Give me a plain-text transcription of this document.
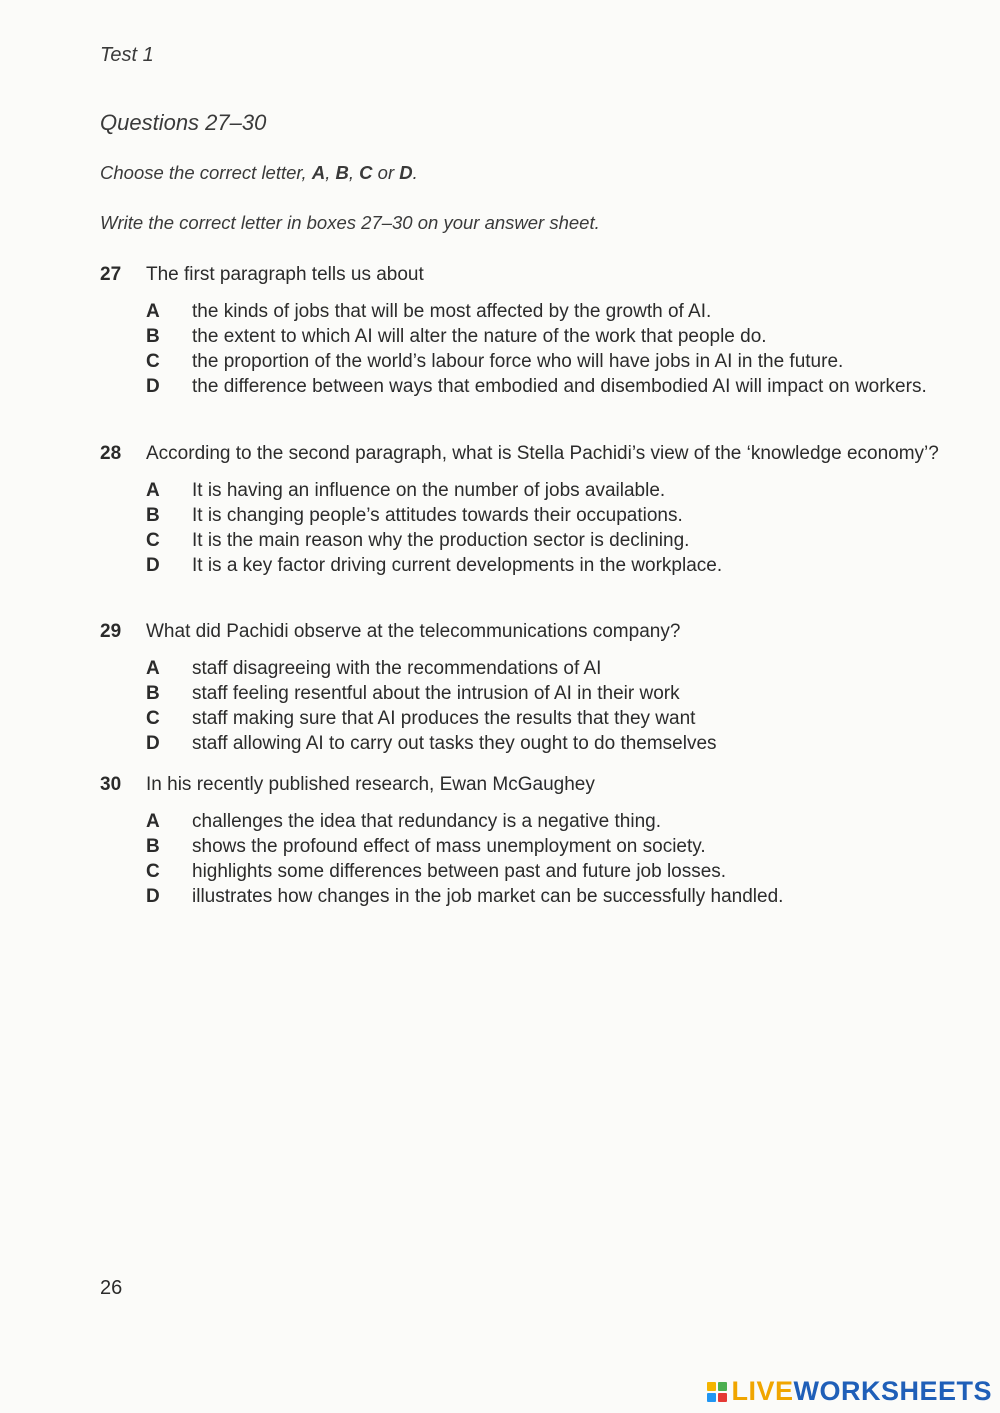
Test 1
Questions 27–30
Choose the correct letter, A, B, C or D.
Write the correct letter in boxes 27–30 on your answer sheet.
27	The first paragraph tells us about
A	the kinds of jobs that will be most affected by the growth of AI.
B	the extent to which AI will alter the nature of the work that people do.
C	the proportion of the world’s labour force who will have jobs in AI in the future.
D	the difference between ways that embodied and disembodied AI will impact on workers.
28	According to the second paragraph, what is Stella Pachidi’s view of the ‘knowledge economy’?
A	It is having an influence on the number of jobs available.
B	It is changing people’s attitudes towards their occupations.
C	It is the main reason why the production sector is declining.
D	It is a key factor driving current developments in the workplace.
29	What did Pachidi observe at the telecommunications company?
A	staff disagreeing with the recommendations of AI
B	staff feeling resentful about the intrusion of AI in their work
C	staff making sure that AI produces the results that they want
D	staff allowing AI to carry out tasks they ought to do themselves
30	In his recently published research, Ewan McGaughey
A	challenges the idea that redundancy is a negative thing.
B	shows the profound effect of mass unemployment on society.
C	highlights some differences between past and future job losses.
D	illustrates how changes in the job market can be successfully handled.
26
LIVE WORKSHEETS
